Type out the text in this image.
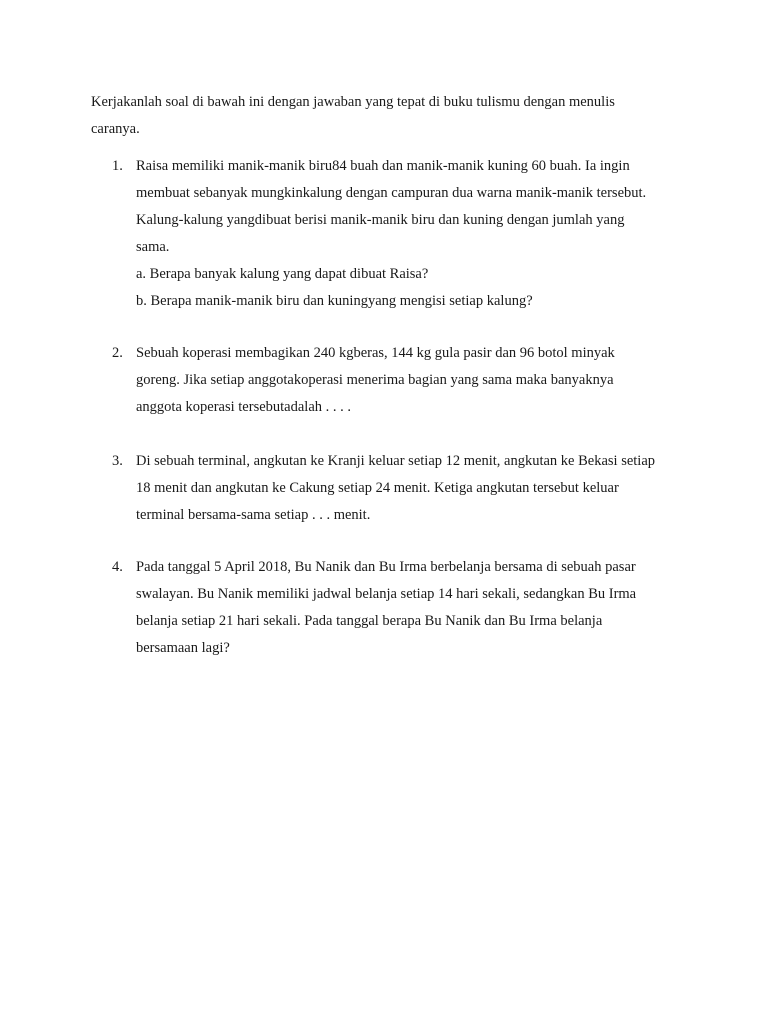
Kerjakanlah soal di bawah ini dengan jawaban yang tepat di buku tulismu dengan menulis
caranya.

1. Raisa memiliki manik-manik biru84 buah dan manik-manik kuning 60 buah. Ia ingin
membuat sebanyak mungkinkalung dengan campuran dua warna manik-manik tersebut.
Kalung-kalung yangdibuat berisi manik-manik biru dan kuning dengan jumlah yang
sama.
a. Berapa banyak kalung yang dapat dibuat Raisa?
b. Berapa manik-manik biru dan kuningyang mengisi setiap kalung?
2. Sebuah koperasi membagikan 240 kgberas, 144 kg gula pasir dan 96 botol minyak
goreng. Jika setiap anggotakoperasi menerima bagian yang sama maka banyaknya
anggota koperasi tersebutadalah . . . .
3. Di sebuah terminal, angkutan ke Kranji keluar setiap 12 menit, angkutan ke Bekasi setiap
18 menit dan angkutan ke Cakung setiap 24 menit. Ketiga angkutan tersebut keluar
terminal bersama-sama setiap . . . menit.
4. Pada tanggal 5 April 2018, Bu Nanik dan Bu Irma berbelanja bersama di sebuah pasar
swalayan. Bu Nanik memiliki jadwal belanja setiap 14 hari sekali, sedangkan Bu Irma
belanja setiap 21 hari sekali. Pada tanggal berapa Bu Nanik dan Bu Irma belanja
bersamaan lagi?
